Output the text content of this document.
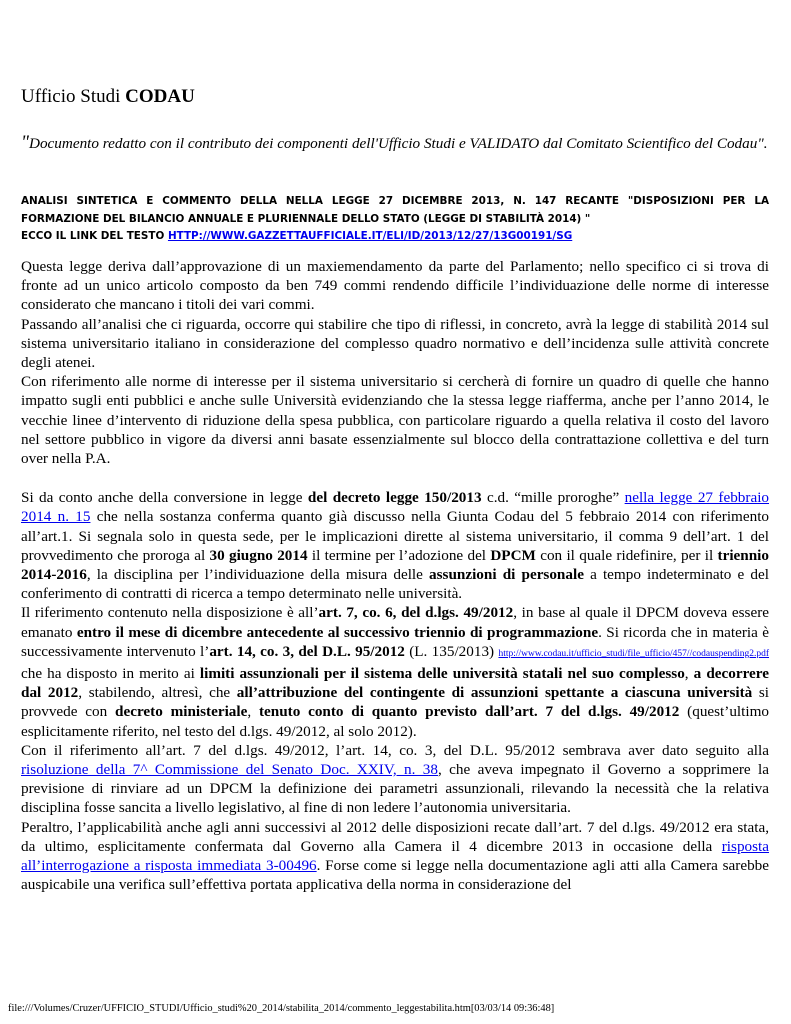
Ufficio Studi CODAU
"Documento redatto con il contributo dei componenti dell'Ufficio Studi e VALIDATO dal Comitato Scientifico del Codau".
ANALISI SINTETICA E COMMENTO DELLA NELLA LEGGE 27 DICEMBRE 2013, N. 147 RECANTE "DISPOSIZIONI PER LA FORMAZIONE DEL BILANCIO ANNUALE E PLURIENNALE DELLO STATO (LEGGE DI STABILITÀ 2014) "
ECCO IL LINK DEL TESTO HTTP://WWW.GAZZETTAUFFICIALE.IT/ELI/ID/2013/12/27/13G00191/SG

Questa legge deriva dall’approvazione di un maxiemendamento da parte del Parlamento; nello specifico ci si trova di fronte ad un unico articolo composto da ben 749 commi rendendo difficile l’individuazione delle norme di interesse considerato che mancano i titoli dei vari commi.

Passando all’analisi che ci riguarda, occorre qui stabilire che tipo di riflessi, in concreto, avrà la legge di stabilità 2014 sul sistema universitario italiano in considerazione del complesso quadro normativo e dell’incidenza sulle attività concrete degli atenei.

Con riferimento alle norme di interesse per il sistema universitario si cercherà di fornire un quadro di quelle che hanno impatto sugli enti pubblici e anche sulle Università evidenziando che la stessa legge riafferma, anche per l’anno 2014, le vecchie linee d’intervento di riduzione della spesa pubblica, con particolare riguardo a quella relativa il costo del lavoro nel settore pubblico in vigore da diversi anni basate essenzialmente sul blocco della contrattazione collettiva e del turn over nella P.A.

Si da conto anche della conversione in legge del decreto legge 150/2013 c.d. “mille proroghe” nella legge 27 febbraio 2014 n. 15 che nella sostanza conferma quanto già discusso nella Giunta Codau del 5 febbraio 2014 con riferimento all’art.1. Si segnala solo in questa sede, per le implicazioni dirette al sistema universitario, il comma 9 dell’art. 1 del provvedimento che proroga al 30 giugno 2014 il termine per l’adozione del DPCM con il quale ridefinire, per il triennio 2014-2016, la disciplina per l’individuazione della misura delle assunzioni di personale a tempo indeterminato e del conferimento di contratti di ricerca a tempo determinato nelle università.

Il riferimento contenuto nella disposizione è all’art. 7, co. 6, del d.lgs. 49/2012, in base al quale il DPCM doveva essere emanato entro il mese di dicembre antecedente al successivo triennio di programmazione. Si ricorda che in materia è successivamente intervenuto l’art. 14, co. 3, del D.L. 95/2012 (L. 135/2013) http://www.codau.it/ufficio_studi/file_ufficio/457//codauspending2.pdf che ha disposto in merito ai limiti assunzionali per il sistema delle università statali nel suo complesso, a decorrere dal 2012, stabilendo, altresì, che all’attribuzione del contingente di assunzioni spettante a ciascuna università si provvede con decreto ministeriale, tenuto conto di quanto previsto dall’art. 7 del d.lgs. 49/2012 (quest’ultimo esplicitamente riferito, nel testo del d.lgs. 49/2012, al solo 2012).

Con il riferimento all’art. 7 del d.lgs. 49/2012, l’art. 14, co. 3, del D.L. 95/2012 sembrava aver dato seguito alla risoluzione della 7^ Commissione del Senato Doc. XXIV, n. 38, che aveva impegnato il Governo a sopprimere la previsione di rinviare ad un DPCM la definizione dei parametri assunzionali, rilevando la necessità che la relativa disciplina fosse sancita a livello legislativo, al fine di non ledere l’autonomia universitaria.

Peraltro, l’applicabilità anche agli anni successivi al 2012 delle disposizioni recate dall’art. 7 del d.lgs. 49/2012 era stata, da ultimo, esplicitamente confermata dal Governo alla Camera il 4 dicembre 2013 in occasione della risposta all’interrogazione a risposta immediata 3-00496. Forse come si legge nella documentazione agli atti alla Camera sarebbe auspicabile una verifica sull’effettiva portata applicativa della norma in considerazione del

file:///Volumes/Cruzer/UFFICIO_STUDI/Ufficio_studi%20_2014/stabilita_2014/commento_leggestabilita.htm[03/03/14 09:36:48]
